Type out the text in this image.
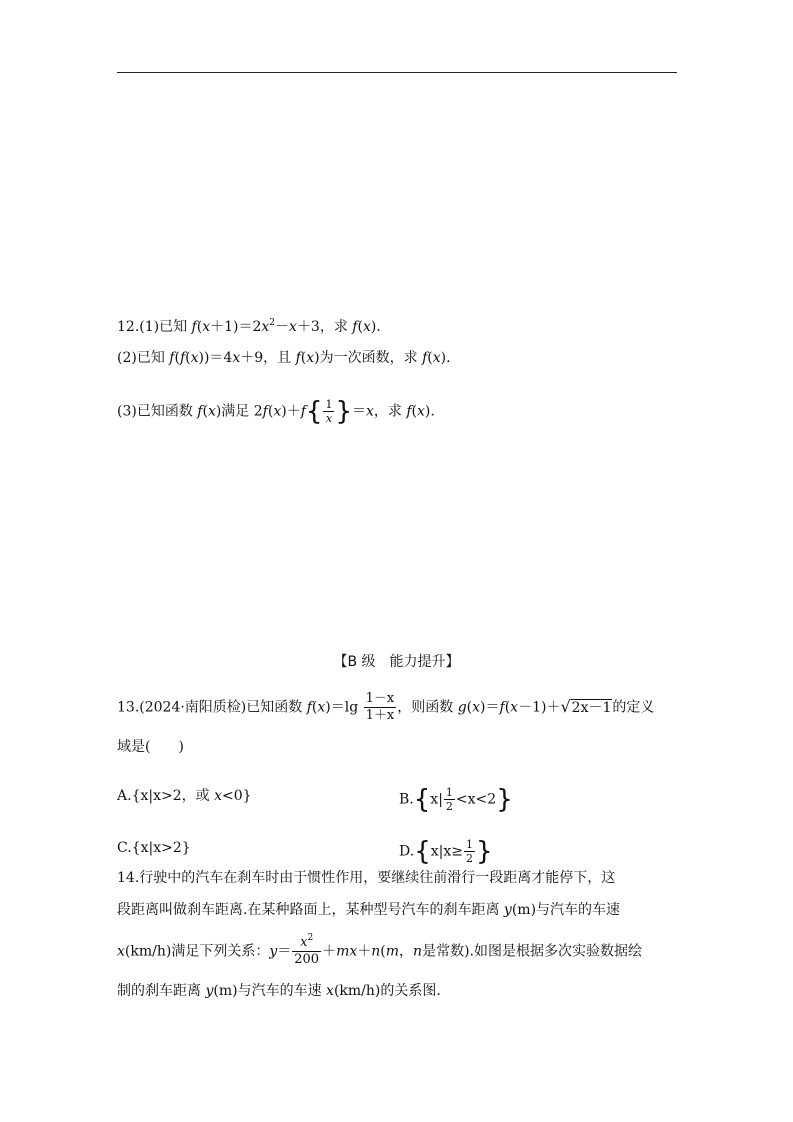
12.(1)已知 $f(x+1)=2x^2-x+3$，求 f(x).
(2)已知 f(f(x))＝4x＋9，且 f(x)为一次函数，求 f(x).
(3)已知函数 f(x)满足 $2f(x)+f\{ \frac{1}{x} \}=x$，求 f(x).
【B 级　能力提升】
13.(2024·南阳质检)已知函数 $f(x)=\lg \frac{1-x}{1+x}$ ，则函数 g(x)＝f(x－1)＋√2x－1的定义
域是(　　)
A.{x|x>2，或 x<0}	$B.\{x| \frac{1}{2} <x<2\}$
C.{x|x>2}	$D.\{x|x\ge \frac{1}{2}$ }
14.行驶中的汽车在刹车时由于惯性作用，要继续往前滑行一段距离才能停下，这
段距离叫做刹车距离.在某种路面上，某种型号汽车的刹车距离 y(m)与汽车的车速
x(km/h)满足下列关系：$y= \frac{x^2}{200} +mx+n(m$，n是常数).如图是根据多次实验数据绘
制的刹车距离 y(m)与汽车的车速 x(km/h)的关系图.
